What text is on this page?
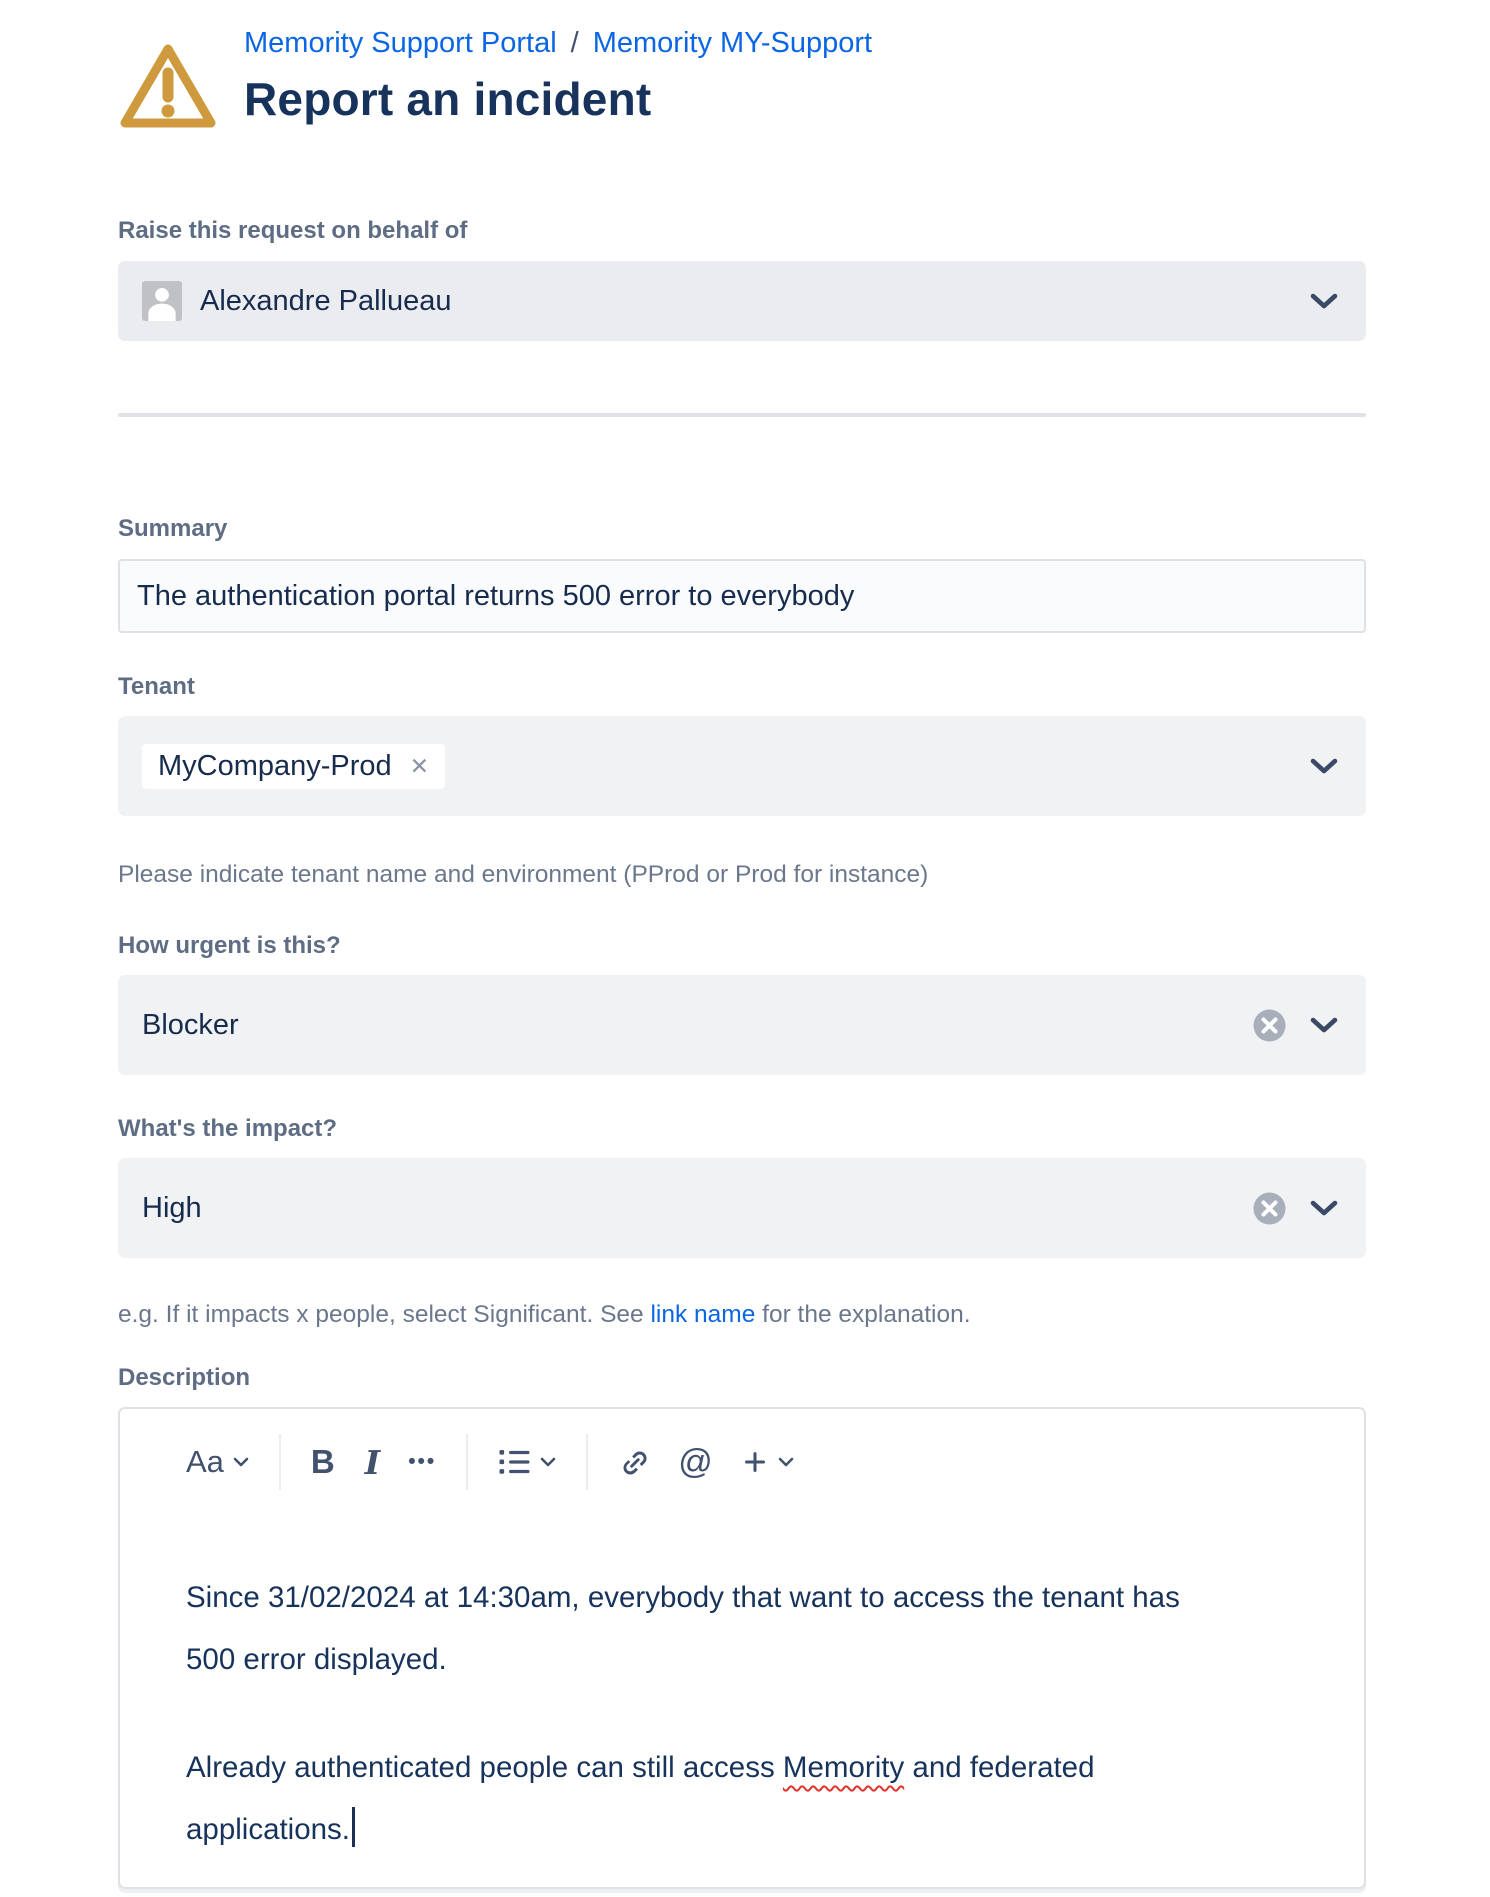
Memority Support Portal / Memority MY-Support
Report an incident
Raise this request on behalf of
Alexandre Pallueau
Summary
The authentication portal returns 500 error to everybody
Tenant
MyCompany-Prod ✕

Please indicate tenant name and environment (PProd or Prod for instance)

How urgent is this?
Blocker
What's the impact?
High

e.g. If it impacts x people, select Significant. See link name for the explanation.

Description
Aa	B I •••	@

Since 31/02/2024 at 14:30am, everybody that want to access the tenant has 500 error displayed.

Already authenticated people can still access Memority and federated applications.
